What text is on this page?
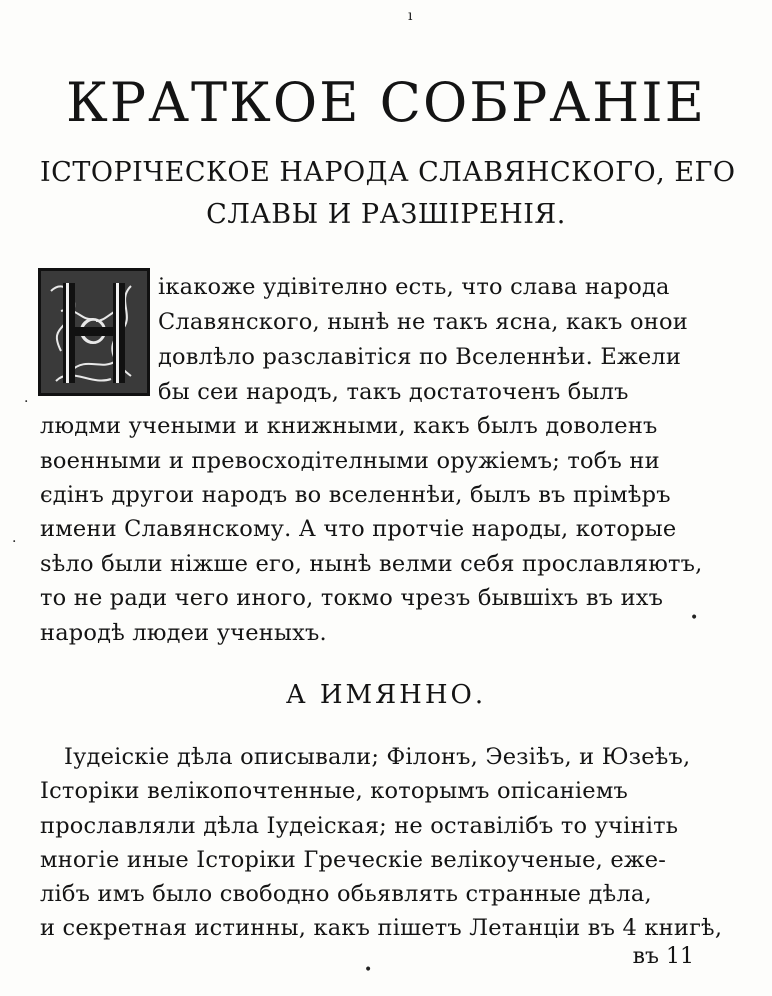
КРАТКОЕ СОБРАНIЕ
ІСТОРIЧЕСКОЕ НАРОДА СЛАВЯНСКОГО, ЕГО
СЛАВЫ И РАЗШIРЕНIЯ.
iкакоже удiвiтелно есть, что слава народа
Славянского, нынѣ не такъ ясна, какъ онои
довлѣло разславiтiся по Вселеннѣи. Ежели
бы сеи народъ, такъ достаточенъ былъ
людми учеными и книжными, какъ былъ доволенъ
военными и превосходiтелными оружiемъ; тобъ ни
єдiнъ другои народъ во вселеннѣи, былъ въ прiмѣръ
имени Славянскому. А что протчiе народы, которые
ѕѣло были нiжше его, нынѣ велми себя прославляютъ,
то не ради чего иного, токмо чрезъ бывшiхъ въ ихъ
народѣ людеи ученыхъ.
А ИМЯННО.
Iудеiскiе дѣла описывали; Фiлонъ, Эезiѣъ, и Юзеѣъ,
Iсторiки велiкопочтенные, которымъ опiсанiемъ
прославляли дѣла Iудеiская; не оставiлiбъ то учiнiть
многiе иные Iсторiки Греческiе велiкоученые, ежe-
лiбъ имъ было свободно обьявлять странные дѣла,
и секретная истинны, какъ пiшетъ Летанцiи въ 4 книгѣ,
въ 11
ı
·
·
•
•
